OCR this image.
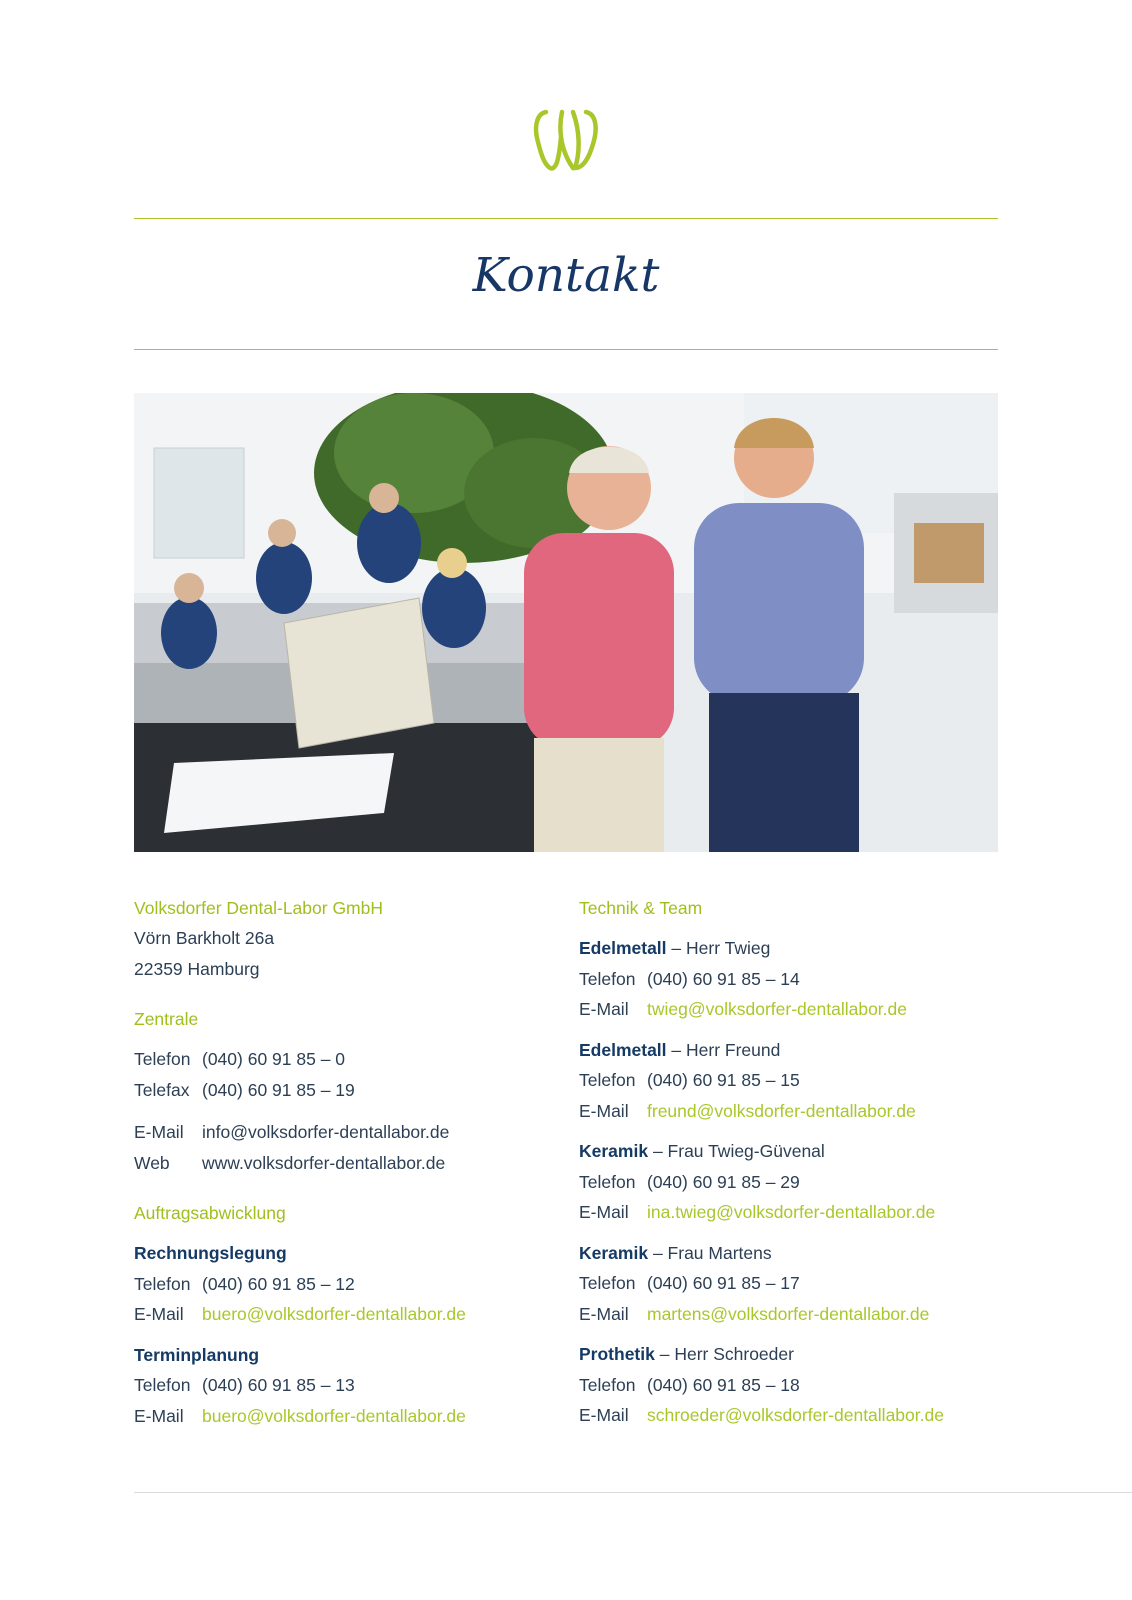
Kontakt

Volksdorfer Dental-Labor GmbH

Vörn Barkholt 26a
22359 Hamburg

Zentrale

Telefon (040) 60 91 85 – 0
Telefax (040) 60 91 85 – 19
E-Mail info@volksdorfer-dentallabor.de
Web www.volksdorfer-dentallabor.de

Auftragsabwicklung

Rechnungslegung
Telefon (040) 60 91 85 – 12
E-Mail buero@volksdorfer-dentallabor.de
Terminplanung
Telefon (040) 60 91 85 – 13
E-Mail buero@volksdorfer-dentallabor.de

Technik & Team

Edelmetall – Herr Twieg
Telefon (040) 60 91 85 – 14
E-Mail twieg@volksdorfer-dentallabor.de
Edelmetall – Herr Freund
Telefon (040) 60 91 85 – 15
E-Mail freund@volksdorfer-dentallabor.de
Keramik – Frau Twieg-Güvenal
Telefon (040) 60 91 85 – 29
E-Mail ina.twieg@volksdorfer-dentallabor.de
Keramik – Frau Martens
Telefon (040) 60 91 85 – 17
E-Mail martens@volksdorfer-dentallabor.de
Prothetik – Herr Schroeder
Telefon (040) 60 91 85 – 18
E-Mail schroeder@volksdorfer-dentallabor.de
